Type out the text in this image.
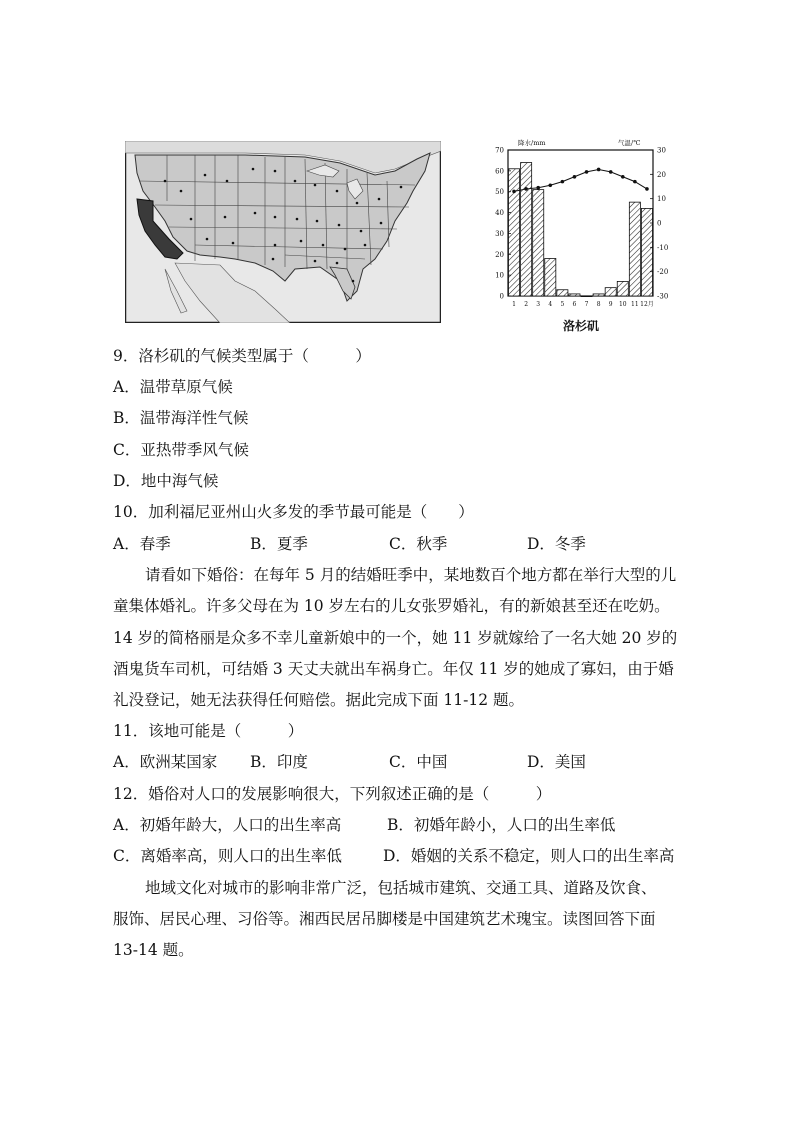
降水/mm	气温/℃
70
60
50
40
30
20
10
0
30
20
10
0
-10
-20
-30
1 2 3 4 5 6 7 8 9 10 11 12月
洛杉矶
9．洛杉矶的气候类型属于（　　　）
A．温带草原气候
B．温带海洋性气候
C．亚热带季风气候
D．地中海气候
10．加利福尼亚州山火多发的季节最可能是（　　）
A．春季	B．夏季	C．秋季	D．冬季
请看如下婚俗：在每年 5 月的结婚旺季中，某地数百个地方都在举行大型的儿
童集体婚礼。许多父母在为 10 岁左右的儿女张罗婚礼，有的新娘甚至还在吃奶。
14 岁的简格丽是众多不幸儿童新娘中的一个，她 11 岁就嫁给了一名大她 20 岁的
酒鬼货车司机，可结婚 3 天丈夫就出车祸身亡。年仅 11 岁的她成了寡妇，由于婚
礼没登记，她无法获得任何赔偿。据此完成下面 11-12 题。
11．该地可能是（　　　）
A．欧洲某国家 B．印度	C．中国	D．美国
12．婚俗对人口的发展影响很大，下列叙述正确的是（　　　）
A．初婚年龄大，人口的出生率高	B．初婚年龄小，人口的出生率低
C．离婚率高，则人口的出生率低	D．婚姻的关系不稳定，则人口的出生率高
地域文化对城市的影响非常广泛，包括城市建筑、交通工具、道路及饮食、
服饰、居民心理、习俗等。湘西民居吊脚楼是中国建筑艺术瑰宝。读图回答下面
13-14 题。
